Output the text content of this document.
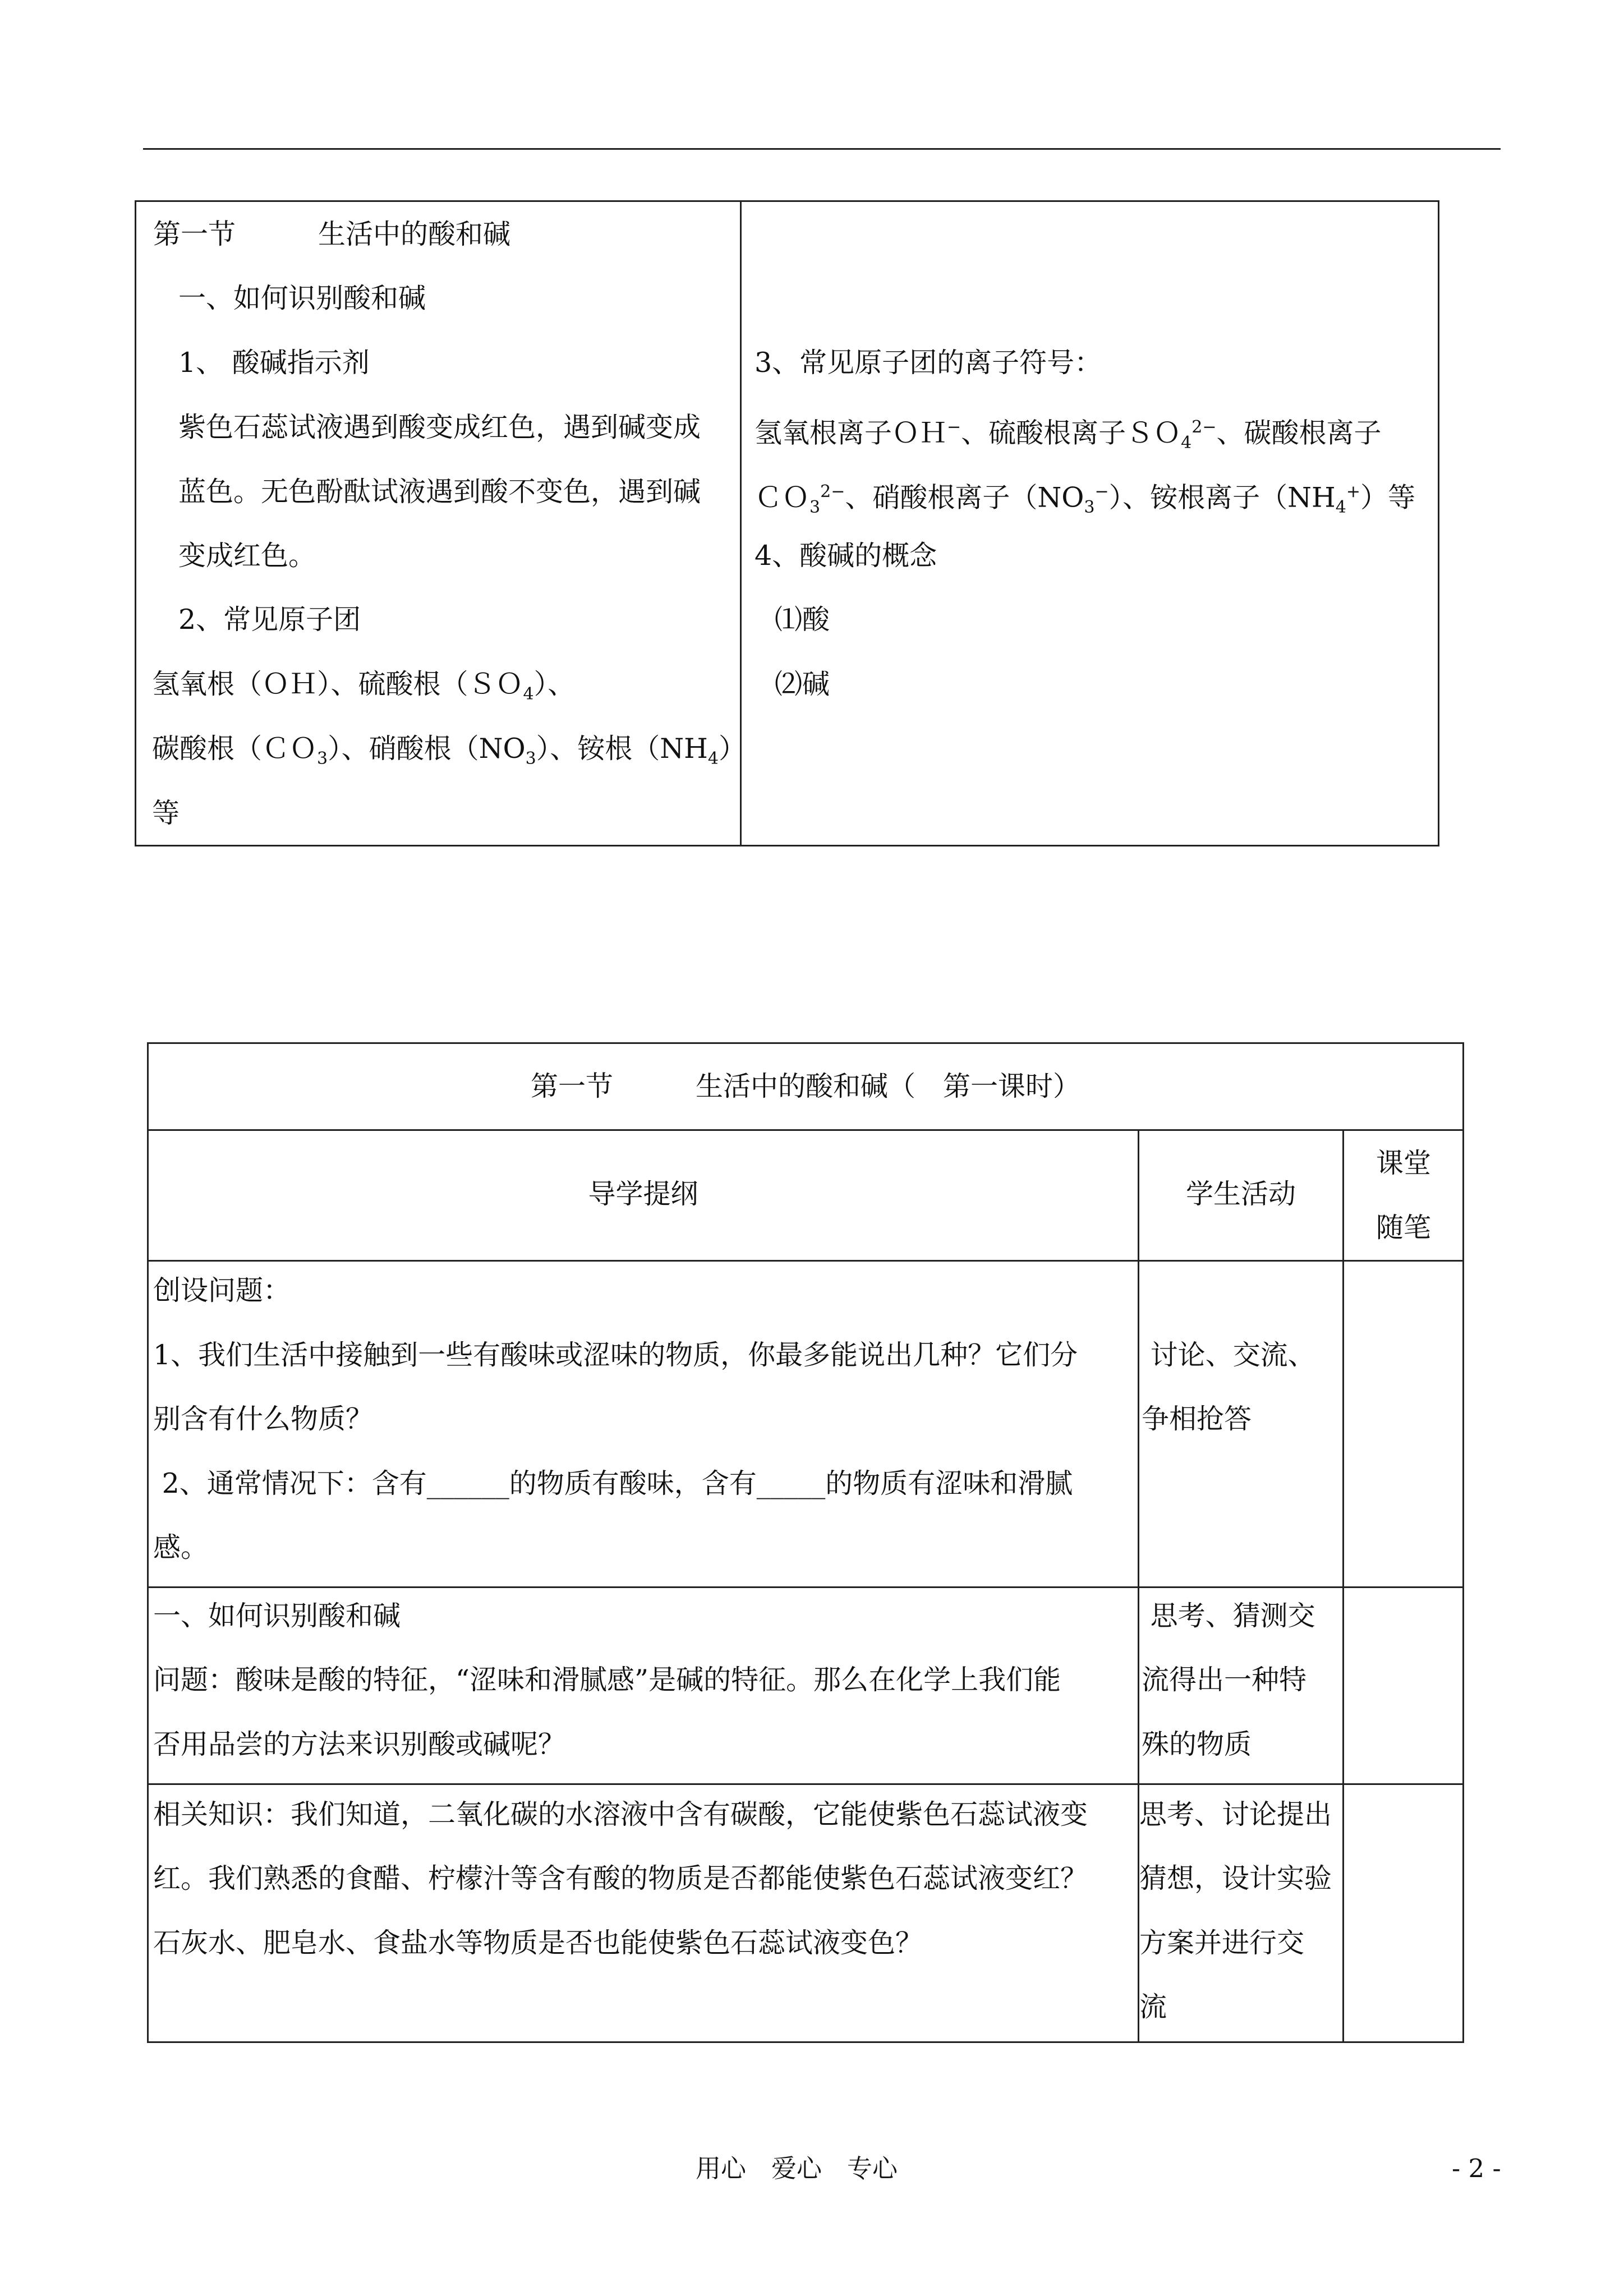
第一节　　　生活中的酸和碱
一、如何识别酸和碱
1、 酸碱指示剂
紫色石蕊试液遇到酸变成红色，遇到碱变成
蓝色。无色酚酞试液遇到酸不变色，遇到碱
变成红色。
2、常见原子团
氢氧根（ＯＨ）、硫酸根（ＳＯ$_4$）、
碳酸根（ＣＯ$_3$）、硝酸根$(NO_3)$、铵根$(NH_4)$
等
3、常见原子团的离子符号：
氢氧根离子ＯＨ−、硫酸根离子ＳＯ$_4^{2-}$、碳酸根离子
ＣＯ$_3^{2-}$、硝酸根离子$(NO_3^-)$、铵根离子$(NH_4^+)$等
4、酸碱的概念
⑴酸
⑵碱
第一节　　　生活中的酸和碱（　第一课时）
导学提纲	学生活动
课堂
随笔
创设问题：
1、我们生活中接触到一些有酸味或涩味的物质，你最多能说出几种？它们分
别含有什么物质？
2、通常情况下：含有______的物质有酸味，含有_____的物质有涩味和滑腻
感。
讨论、交流、
争相抢答
一、如何识别酸和碱
问题：酸味是酸的特征，“涩味和滑腻感”是碱的特征。那么在化学上我们能
否用品尝的方法来识别酸或碱呢？
思考、猜测交
流得出一种特
殊的物质
相关知识：我们知道，二氧化碳的水溶液中含有碳酸，它能使紫色石蕊试液变
红。我们熟悉的食醋、柠檬汁等含有酸的物质是否都能使紫色石蕊试液变红？
石灰水、肥皂水、食盐水等物质是否也能使紫色石蕊试液变色？
思考、讨论提出
猜想，设计实验
方案并进行交
流
用心　爱心　专心	- 2 -
